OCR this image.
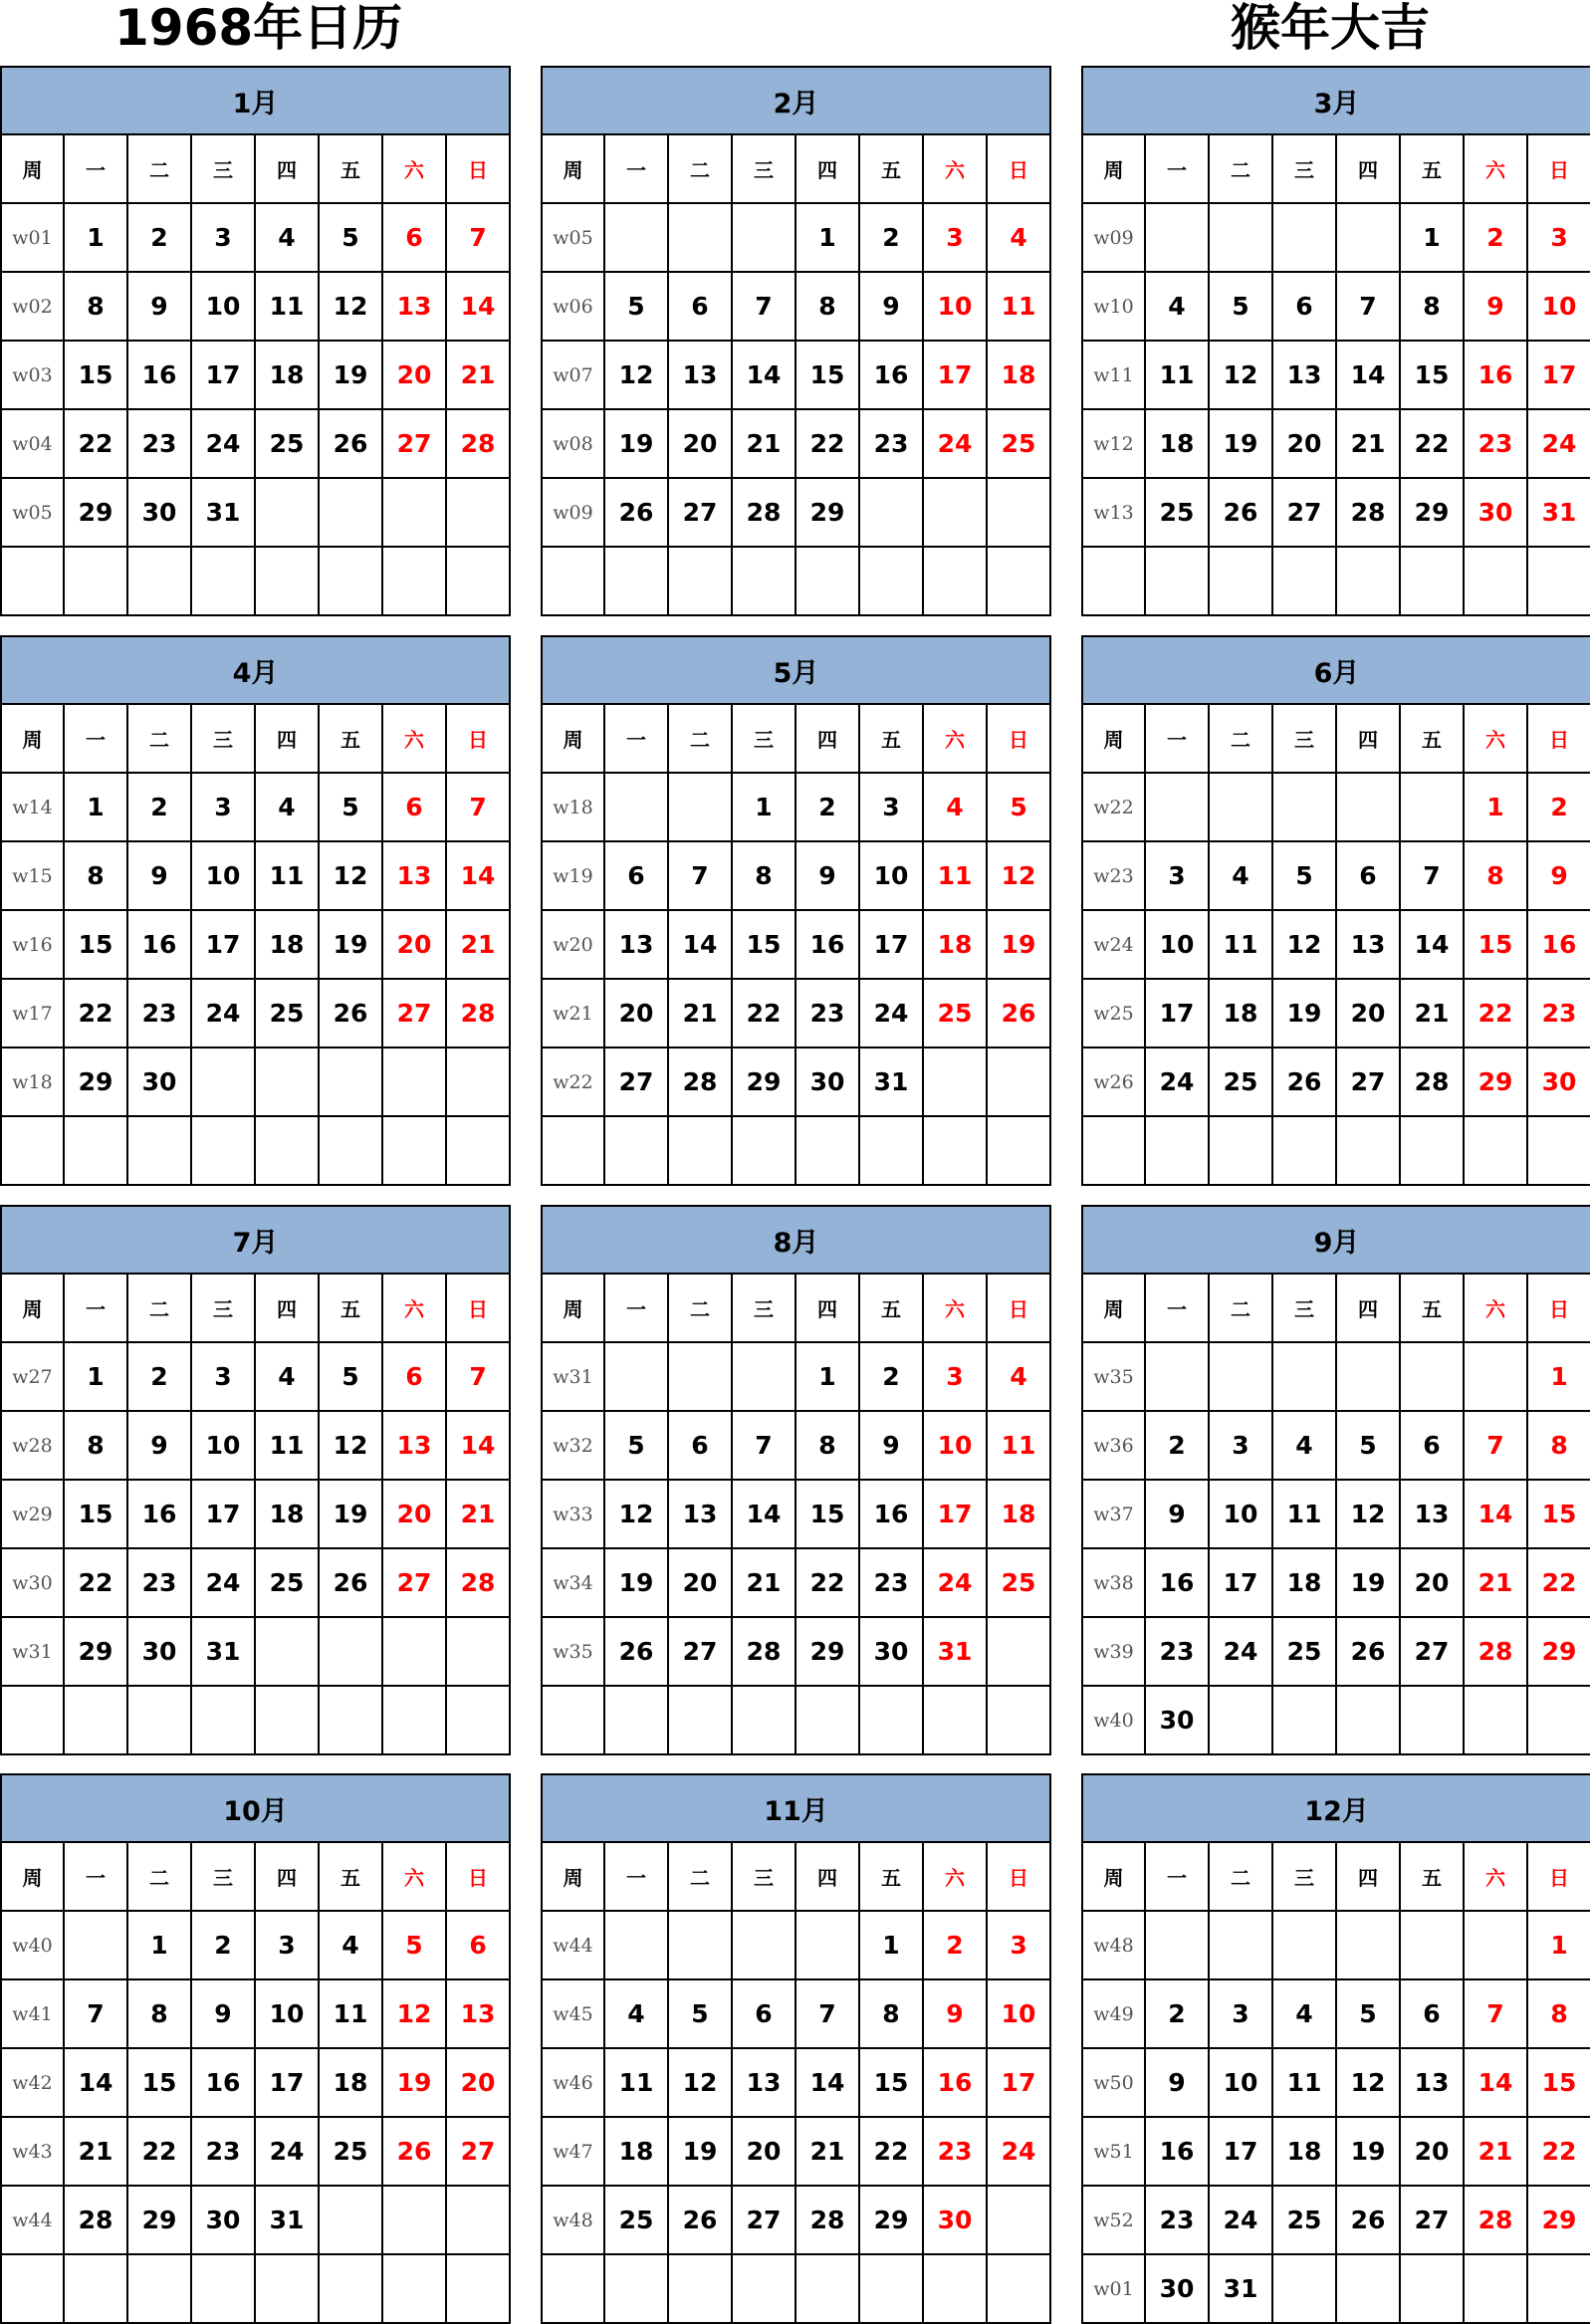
1968年日历	猴年大吉
1月							
周	一	二	三	四	五	六	日
w01	1	2	3	4	5	6	7
w02	8	9	10	11	12	13	14
w03	15	16	17	18	19	20	21
w04	22	23	24	25	26	27	28
w05	29	30	31				

2月							
周	一	二	三	四	五	六	日
w05				1	2	3	4
w06	5	6	7	8	9	10	11
w07	12	13	14	15	16	17	18
w08	19	20	21	22	23	24	25
w09	26	27	28	29			

3月							
周	一	二	三	四	五	六	日
w09					1	2	3
w10	4	5	6	7	8	9	10
w11	11	12	13	14	15	16	17
w12	18	19	20	21	22	23	24
w13	25	26	27	28	29	30	31

4月							
周	一	二	三	四	五	六	日
w14	1	2	3	4	5	6	7
w15	8	9	10	11	12	13	14
w16	15	16	17	18	19	20	21
w17	22	23	24	25	26	27	28
w18	29	30					

5月							
周	一	二	三	四	五	六	日
w18			1	2	3	4	5
w19	6	7	8	9	10	11	12
w20	13	14	15	16	17	18	19
w21	20	21	22	23	24	25	26
w22	27	28	29	30	31		

6月							
周	一	二	三	四	五	六	日
w22						1	2
w23	3	4	5	6	7	8	9
w24	10	11	12	13	14	15	16
w25	17	18	19	20	21	22	23
w26	24	25	26	27	28	29	30

7月							
周	一	二	三	四	五	六	日
w27	1	2	3	4	5	6	7
w28	8	9	10	11	12	13	14
w29	15	16	17	18	19	20	21
w30	22	23	24	25	26	27	28
w31	29	30	31				

8月							
周	一	二	三	四	五	六	日
w31				1	2	3	4
w32	5	6	7	8	9	10	11
w33	12	13	14	15	16	17	18
w34	19	20	21	22	23	24	25
w35	26	27	28	29	30	31	

9月							
周	一	二	三	四	五	六	日
w35							1
w36	2	3	4	5	6	7	8
w37	9	10	11	12	13	14	15
w38	16	17	18	19	20	21	22
w39	23	24	25	26	27	28	29
w40	30						
10月							
周	一	二	三	四	五	六	日
w40		1	2	3	4	5	6
w41	7	8	9	10	11	12	13
w42	14	15	16	17	18	19	20
w43	21	22	23	24	25	26	27
w44	28	29	30	31			

11月							
周	一	二	三	四	五	六	日
w44					1	2	3
w45	4	5	6	7	8	9	10
w46	11	12	13	14	15	16	17
w47	18	19	20	21	22	23	24
w48	25	26	27	28	29	30	

12月							
周	一	二	三	四	五	六	日
w48							1
w49	2	3	4	5	6	7	8
w50	9	10	11	12	13	14	15
w51	16	17	18	19	20	21	22
w52	23	24	25	26	27	28	29
w01	30	31					
